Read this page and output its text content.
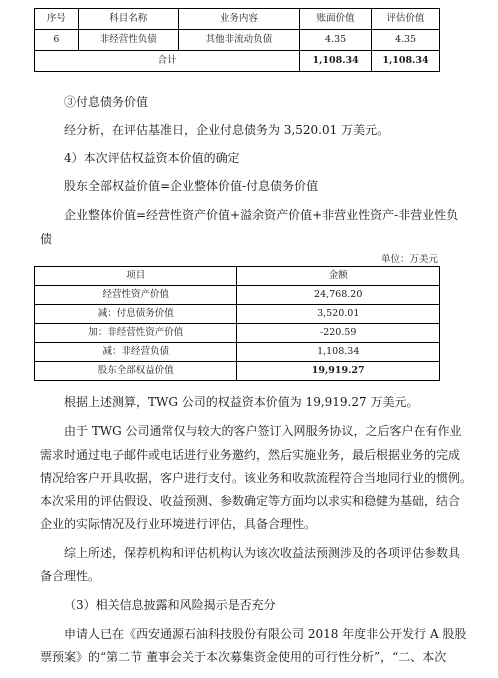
序号	科目名称	业务内容	账面价值	评估价值
6	非经营性负债	其他非流动负债	4.35	4.35
合计			1,108.34	1,108.34
③付息债务价值
经分析，在评估基准日，企业付息债务为 3,520.01 万美元。
4）本次评估权益资本价值的确定
股东全部权益价值=企业整体价值-付息债务价值
企业整体价值=经营性资产价值+溢余资产价值+非营业性资产-非营业性负
债
单位：万美元
项目	金额
经营性资产价值	24,768.20
减：付息债务价值	3,520.01
加：非经营性资产价值	-220.59
减：非经营负债	1,108.34
股东全部权益价值	19,919.27
根据上述测算，TWG 公司的权益资本价值为 19,919.27 万美元。
由于 TWG 公司通常仅与较大的客户签订入网服务协议，之后客户在有作业
需求时通过电子邮件或电话进行业务邀约，然后实施业务，最后根据业务的完成
情况给客户开具收据，客户进行支付。该业务和收款流程符合当地同行业的惯例。
本次采用的评估假设、收益预测、参数确定等方面均以求实和稳健为基础，结合
企业的实际情况及行业环境进行评估，具备合理性。
综上所述，保荐机构和评估机构认为该次收益法预测涉及的各项评估参数具
备合理性。
（3）相关信息披露和风险揭示是否充分
申请人已在《西安通源石油科技股份有限公司 2018 年度非公开发行 A 股股
票预案》的“第二节 董事会关于本次募集资金使用的可行性分析”，“二、本次
